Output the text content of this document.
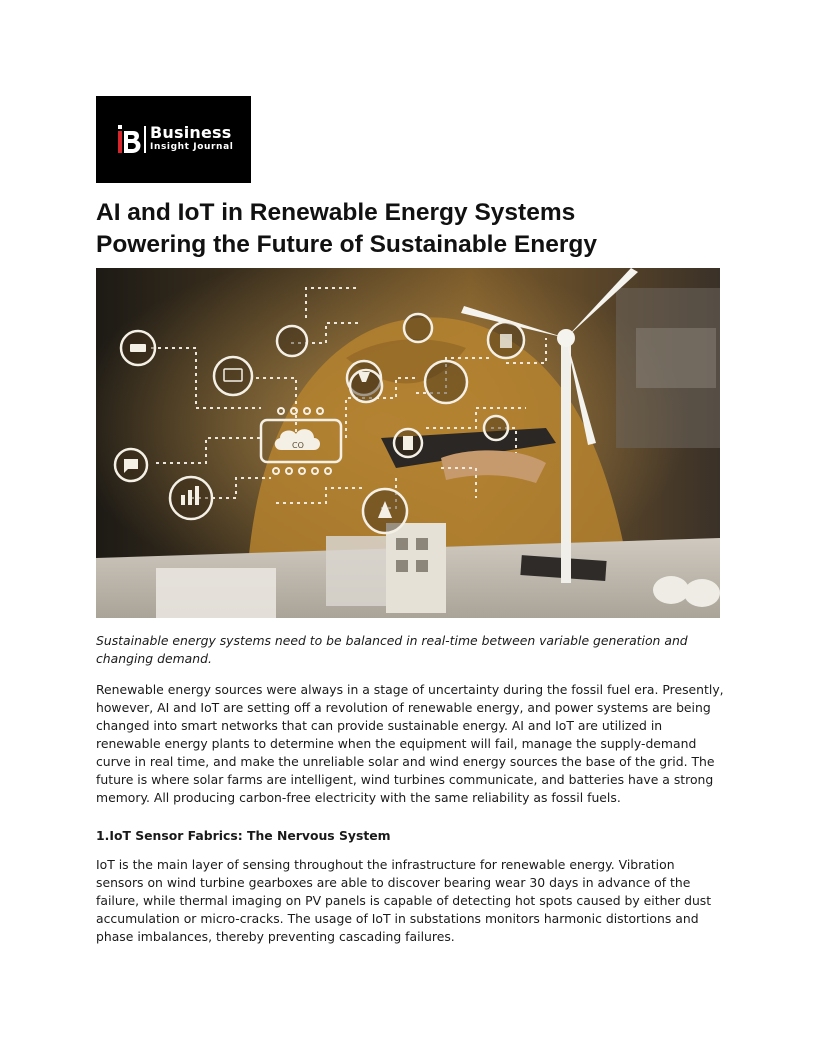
Business
Insight Journal
AI and IoT in Renewable Energy Systems
Powering the Future of Sustainable Energy
CO

Sustainable energy systems need to be balanced in real-time between variable generation and changing demand.

Renewable energy sources were always in a stage of uncertainty during the fossil fuel era. Presently, however, AI and IoT are setting off a revolution of renewable energy, and power systems are being changed into smart networks that can provide sustainable energy. AI and IoT are utilized in renewable energy plants to determine when the equipment will fail, manage the supply-demand curve in real time, and make the unreliable solar and wind energy sources the base of the grid. The future is where solar farms are intelligent, wind turbines communicate, and batteries have a strong memory. All producing carbon-free electricity with the same reliability as fossil fuels.

1.IoT Sensor Fabrics: The Nervous System

IoT is the main layer of sensing throughout the infrastructure for renewable energy. Vibration sensors on wind turbine gearboxes are able to discover bearing wear 30 days in advance of the failure, while thermal imaging on PV panels is capable of detecting hot spots caused by either dust accumulation or micro-cracks. The usage of IoT in substations monitors harmonic distortions and phase imbalances, thereby preventing cascading failures.
